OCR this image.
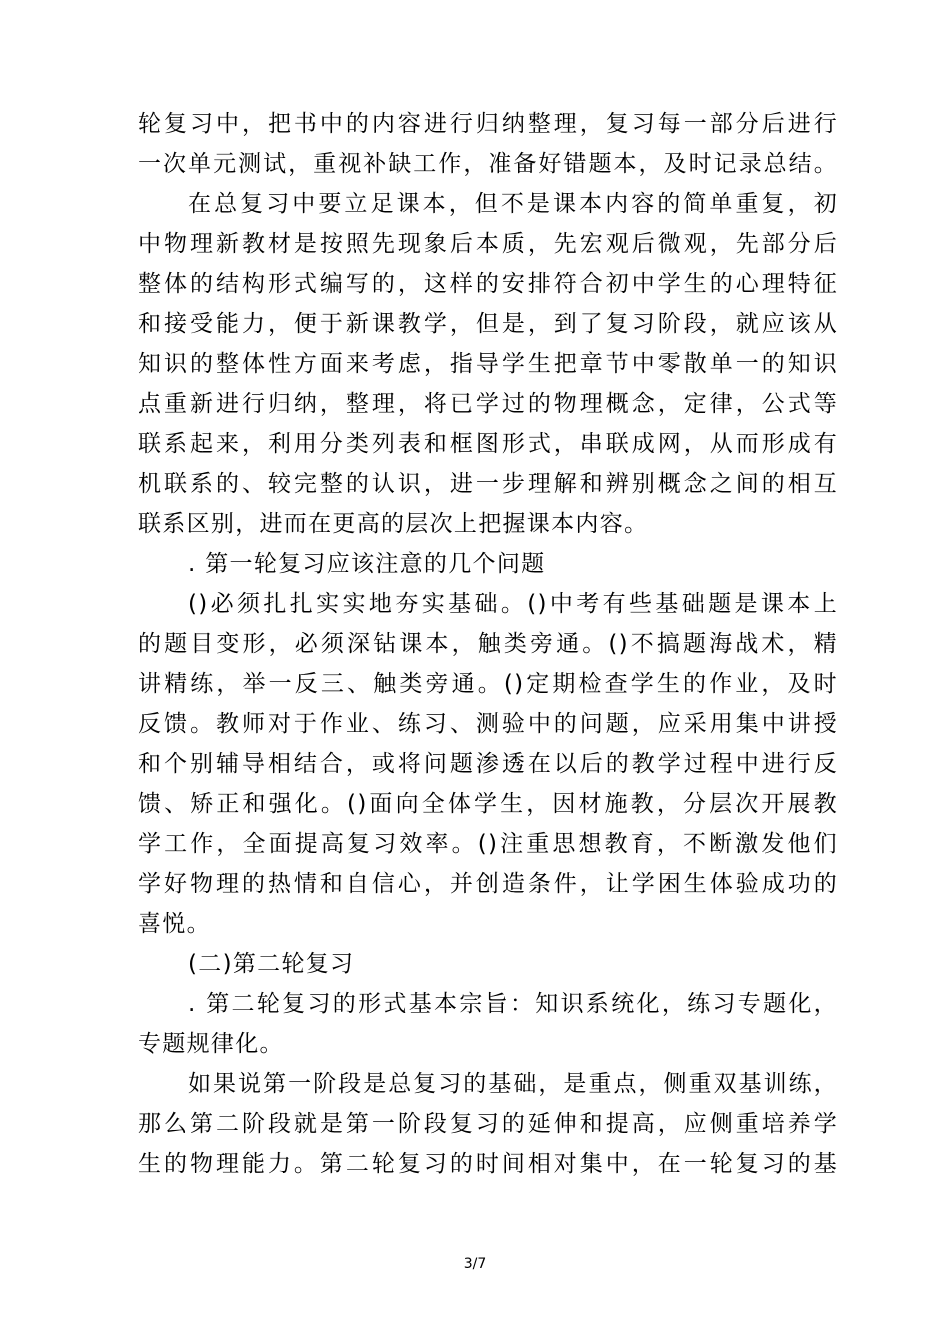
轮复习中，把书中的内容进行归纳整理，复习每一部分后进行
一次单元测试，重视补缺工作，准备好错题本，及时记录总结。
在总复习中要立足课本，但不是课本内容的简单重复，初
中物理新教材是按照先现象后本质，先宏观后微观，先部分后
整体的结构形式编写的，这样的安排符合初中学生的心理特征
和接受能力，便于新课教学，但是，到了复习阶段，就应该从
知识的整体性方面来考虑，指导学生把章节中零散单一的知识
点重新进行归纳，整理，将已学过的物理概念，定律，公式等
联系起来，利用分类列表和框图形式，串联成网，从而形成有
机联系的、较完整的认识，进一步理解和辨别概念之间的相互
联系区别，进而在更高的层次上把握课本内容。
. 第一轮复习应该注意的几个问题
()必须扎扎实实地夯实基础。()中考有些基础题是课本上
的题目变形，必须深钻课本，触类旁通。()不搞题海战术，精
讲精练，举一反三、触类旁通。()定期检查学生的作业，及时
反馈。教师对于作业、练习、测验中的问题，应采用集中讲授
和个别辅导相结合，或将问题渗透在以后的教学过程中进行反
馈、矫正和强化。()面向全体学生，因材施教，分层次开展教
学工作，全面提高复习效率。()注重思想教育，不断激发他们
学好物理的热情和自信心，并创造条件，让学困生体验成功的
喜悦。
(二)第二轮复习
. 第二轮复习的形式基本宗旨：知识系统化，练习专题化，
专题规律化。
如果说第一阶段是总复习的基础，是重点，侧重双基训练，
那么第二阶段就是第一阶段复习的延伸和提高，应侧重培养学
生的物理能力。第二轮复习的时间相对集中，在一轮复习的基
3/7
